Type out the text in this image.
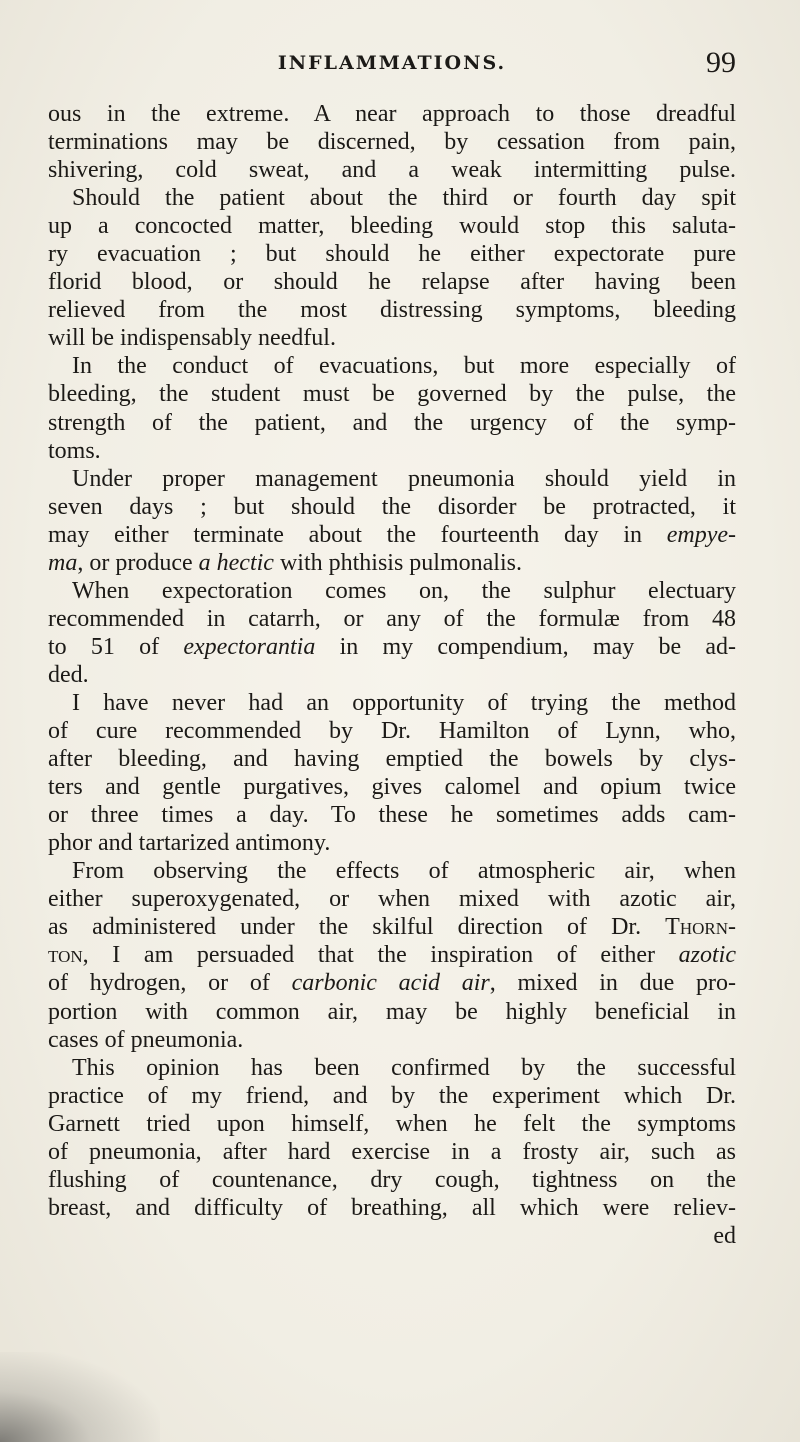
INFLAMMATIONS.	99
ous in the extreme. A near approach to those dreadful
terminations may be discerned, by cessation from pain,
shivering, cold sweat, and a weak intermitting pulse.
Should the patient about the third or fourth day spit
up a concocted matter, bleeding would stop this saluta-
ry evacuation ; but should he either expectorate pure
florid blood, or should he relapse after having been
relieved from the most distressing symptoms, bleeding
will be indispensably needful.
In the conduct of evacuations, but more especially of
bleeding, the student must be governed by the pulse, the
strength of the patient, and the urgency of the symp-
toms.
Under proper management pneumonia should yield in
seven days ; but should the disorder be protracted, it
may either terminate about the fourteenth day in empye-
ma, or produce a hectic with phthisis pulmonalis.
When expectoration comes on, the sulphur electuary
recommended in catarrh, or any of the formulæ from 48
to 51 of expectorantia in my compendium, may be ad-
ded.
I have never had an opportunity of trying the method
of cure recommended by Dr. Hamilton of Lynn, who,
after bleeding, and having emptied the bowels by clys-
ters and gentle purgatives, gives calomel and opium twice
or three times a day. To these he sometimes adds cam-
phor and tartarized antimony.
From observing the effects of atmospheric air, when
either superoxygenated, or when mixed with azotic air,
as administered under the skilful direction of Dr. Thorn-
ton, I am persuaded that the inspiration of either azotic
of hydrogen, or of carbonic acid air, mixed in due pro-
portion with common air, may be highly beneficial in
cases of pneumonia.
This opinion has been confirmed by the successful
practice of my friend, and by the experiment which Dr.
Garnett tried upon himself, when he felt the symptoms
of pneumonia, after hard exercise in a frosty air, such as
flushing of countenance, dry cough, tightness on the
breast, and difficulty of breathing, all which were reliev-
ed
